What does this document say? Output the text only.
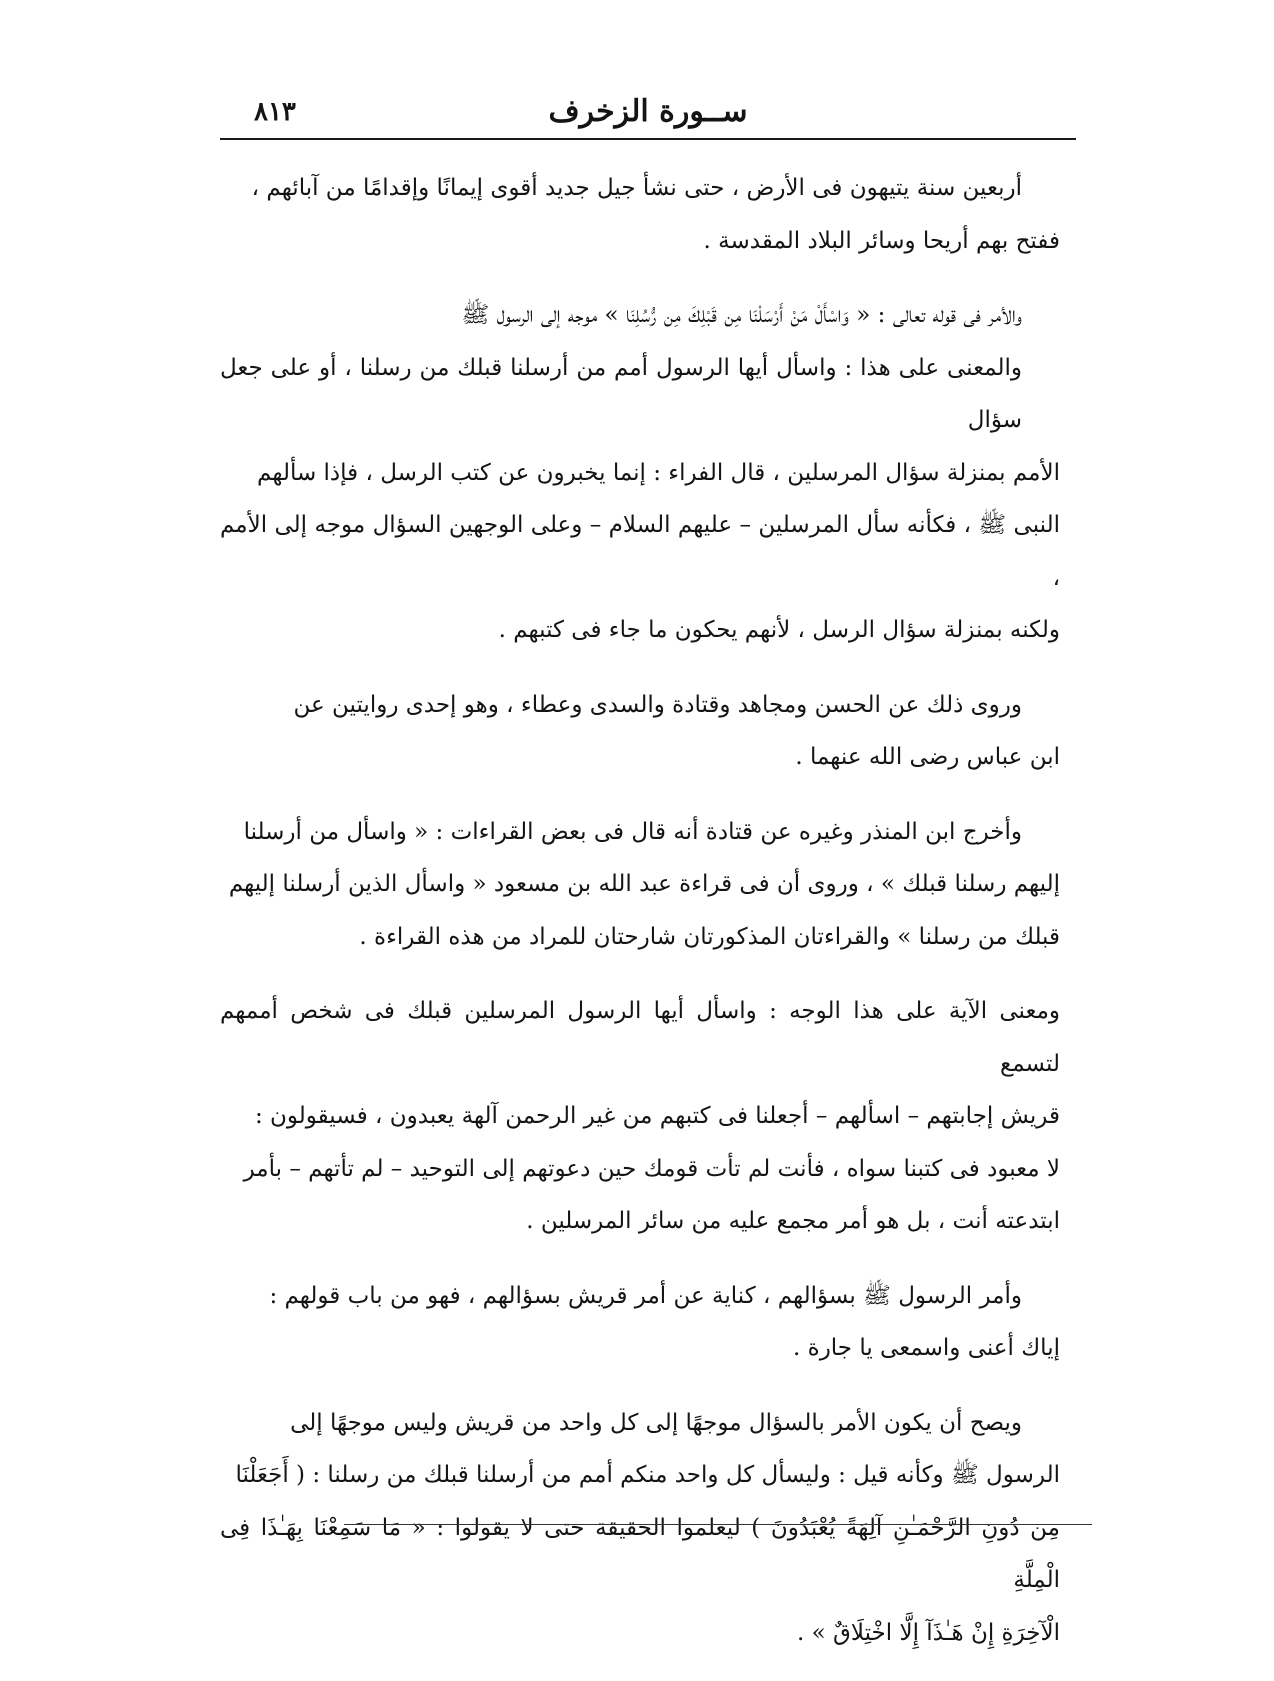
ســورة الزخرف
٨١٣

أربعين سنة يتيهون فى الأرض ، حتى نشأ جيل جديد أقوى إيمانًا وإقدامًا من آبائهم ،
ففتح بهم أريحا وسائر البلاد المقدسة .

والأمر فى قوله تعالى : « وَاسْأَلْ مَنْ أَرْسَلْنَا مِن قَبْلِكَ مِن رُّسُلِنَا » موجه إلى الرسول ﷺ
والمعنى على هذا : واسأل أيها الرسول أمم من أرسلنا قبلك من رسلنا ، أو على جعل سؤال
الأمم بمنزلة سؤال المرسلين ، قال الفراء : إنما يخبرون عن كتب الرسل ، فإذا سألهم
النبى ﷺ ، فكأنه سأل المرسلين – عليهم السلام – وعلى الوجهين السؤال موجه إلى الأمم ،
ولكنه بمنزلة سؤال الرسل ، لأنهم يحكون ما جاء فى كتبهم .

وروى ذلك عن الحسن ومجاهد وقتادة والسدى وعطاء ، وهو إحدى روايتين عن
ابن عباس رضى الله عنهما .

وأخرج ابن المنذر وغيره عن قتادة أنه قال فى بعض القراءات : « واسأل من أرسلنا
إليهم رسلنا قبلك » ، وروى أن فى قراءة عبد الله بن مسعود « واسأل الذين أرسلنا إليهم
قبلك من رسلنا » والقراءتان المذكورتان شارحتان للمراد من هذه القراءة .

ومعنى الآية على هذا الوجه : واسأل أيها الرسول المرسلين قبلك فى شخص أممهم لتسمع
قريش إجابتهم – اسألهم – أجعلنا فى كتبهم من غير الرحمن آلهة يعبدون ، فسيقولون :
لا معبود فى كتبنا سواه ، فأنت لم تأت قومك حين دعوتهم إلى التوحيد – لم تأتهم – بأمر
ابتدعته أنت ، بل هو أمر مجمع عليه من سائر المرسلين .

وأمر الرسول ﷺ بسؤالهم ، كناية عن أمر قريش بسؤالهم ، فهو من باب قولهم :
إياك أعنى واسمعى يا جارة .

ويصح أن يكون الأمر بالسؤال موجهًا إلى كل واحد من قريش وليس موجهًا إلى
الرسول ﷺ وكأنه قيل : وليسأل كل واحد منكم أمم من أرسلنا قبلك من رسلنا : ( أَجَعَلْنَا
مِن دُونِ الرَّحْمَـٰنِ آلِهَةً يُعْبَدُونَ ) ليعلموا الحقيقة حتى لا يقولوا : « مَا سَمِعْنَا بِهَـٰذَا فِى الْمِلَّةِ
الْآخِرَةِ إِنْ هَـٰذَآ إِلَّا اخْتِلَاقٌ » .
